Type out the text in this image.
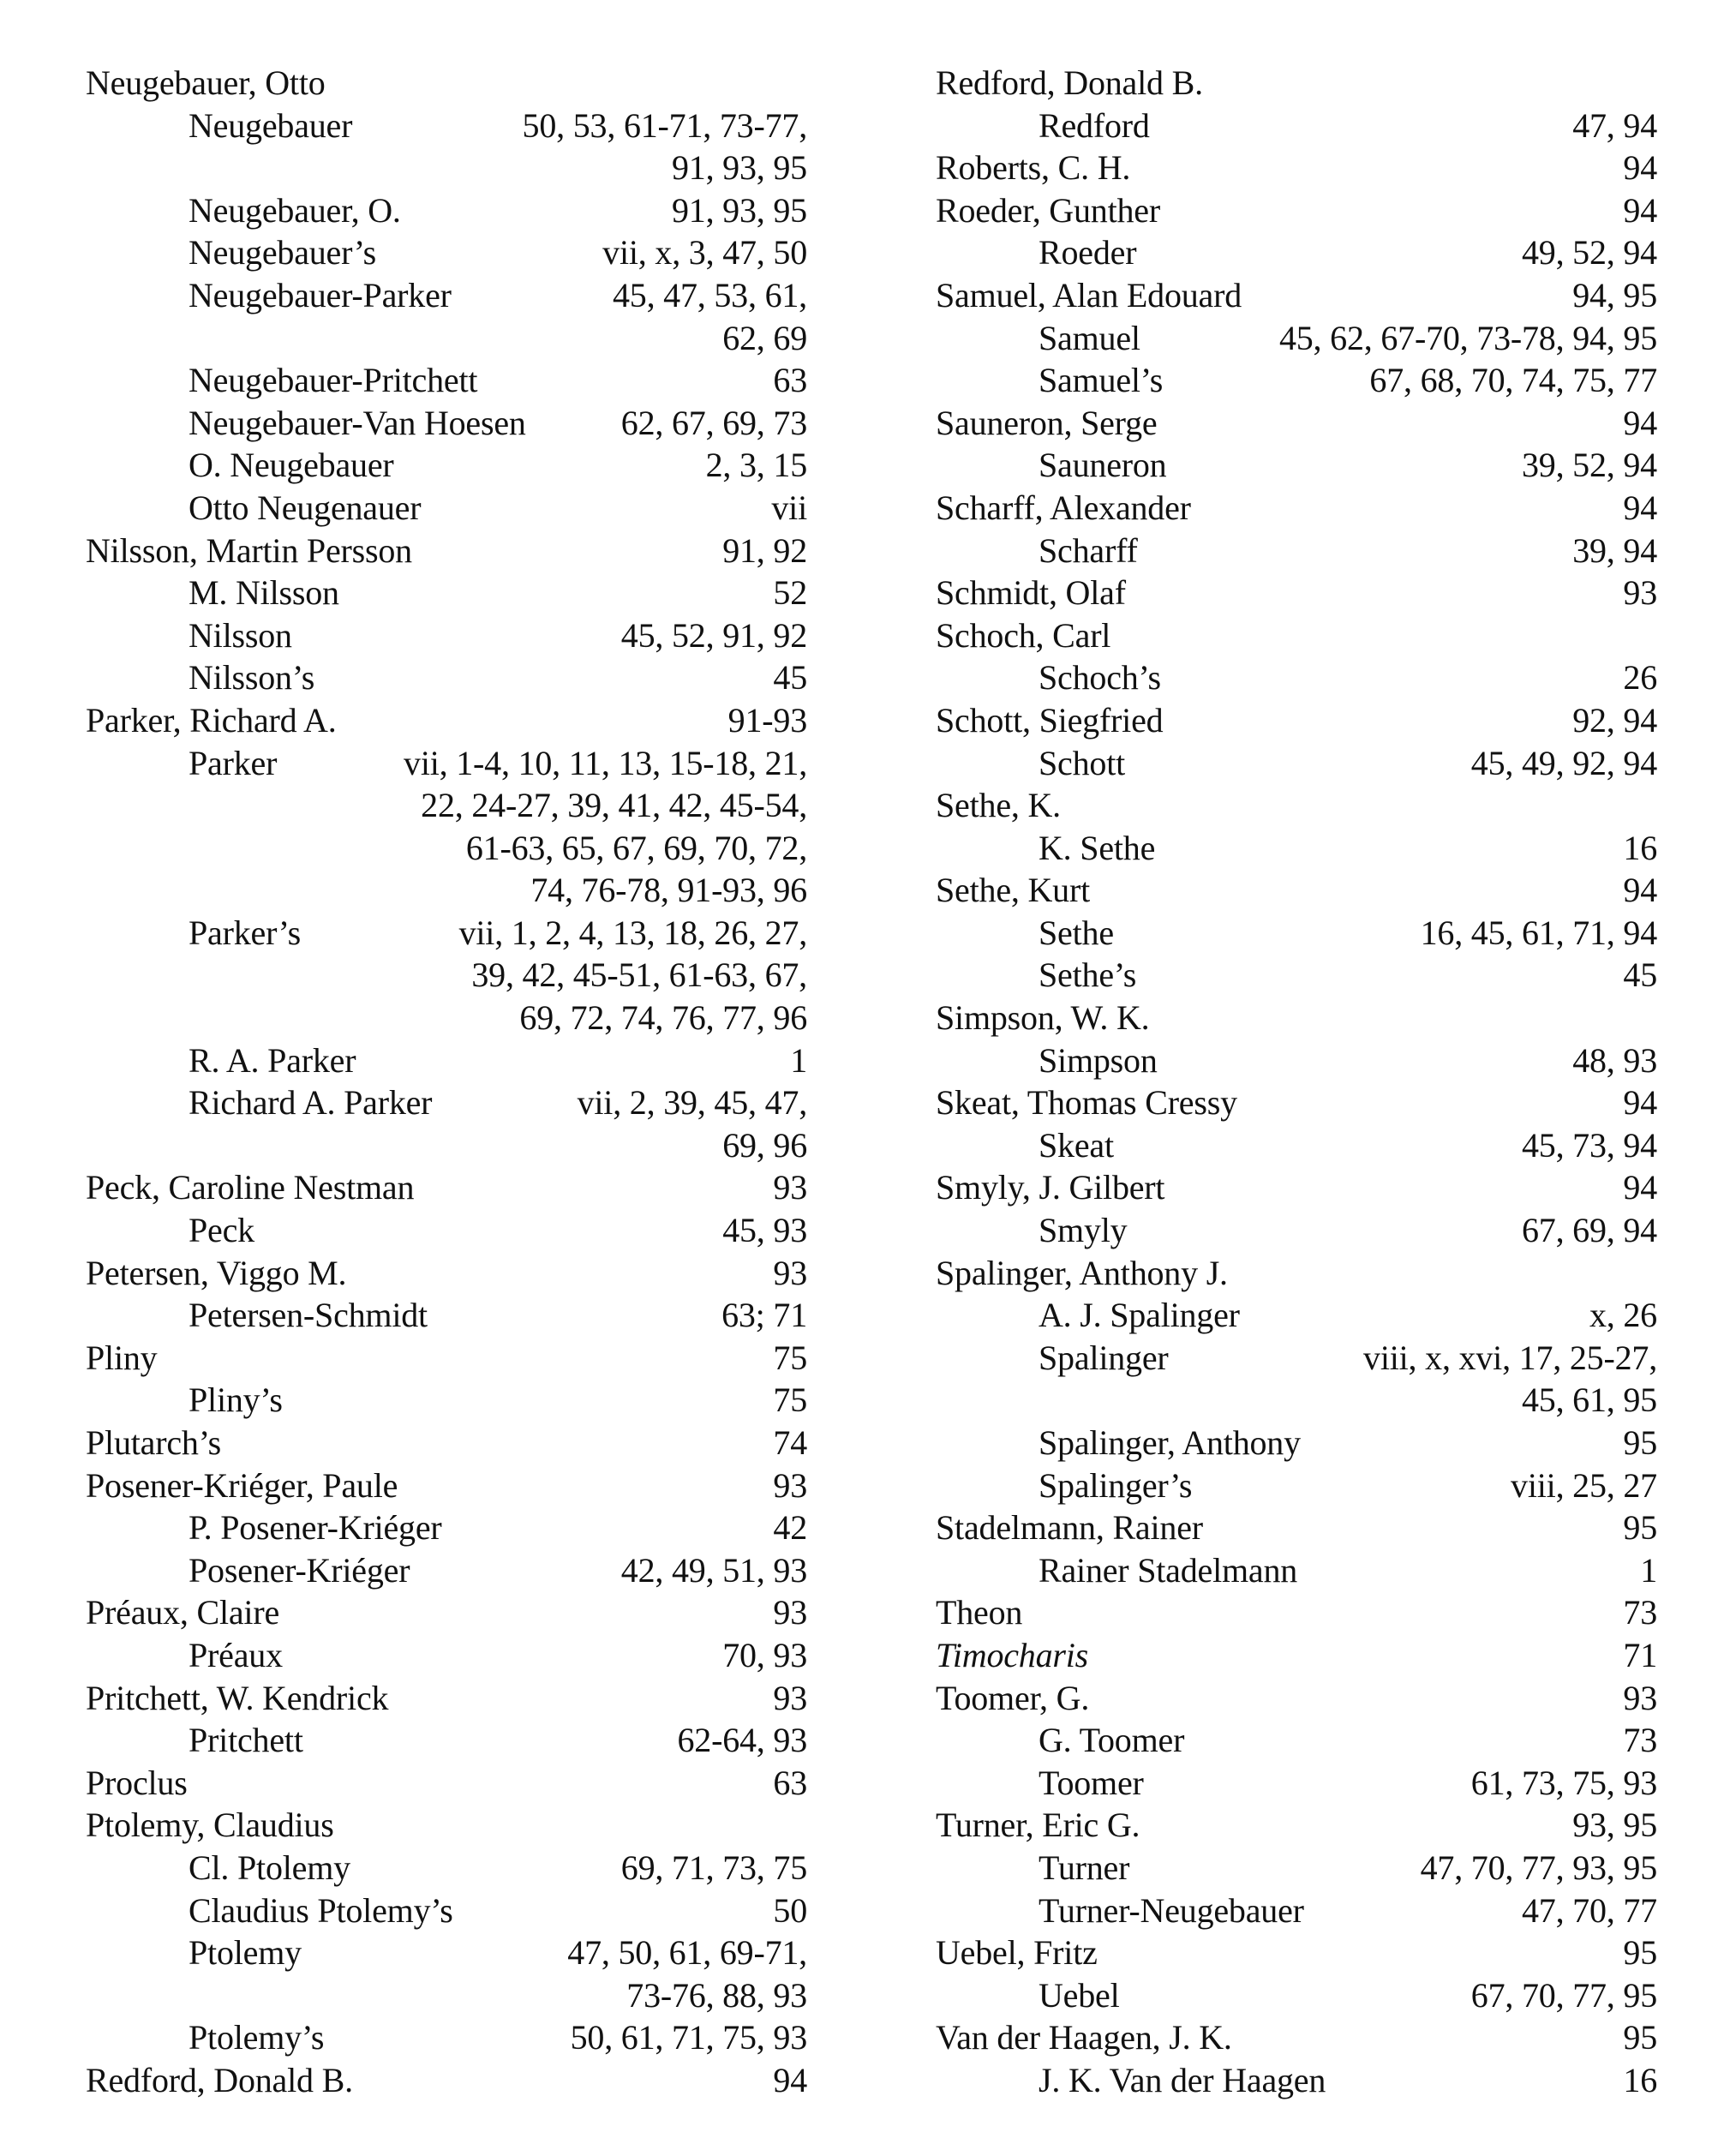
Neugebauer, Otto
Neugebauer	50, 53, 61-71, 73-77,
91, 93, 95
Neugebauer, O.	91, 93, 95
Neugebauer’s	vii, x, 3, 47, 50
Neugebauer-Parker	45, 47, 53, 61,
62, 69
Neugebauer-Pritchett	63
Neugebauer-Van Hoesen	62, 67, 69, 73
O. Neugebauer	2, 3, 15
Otto Neugenauer	vii
Nilsson, Martin Persson	91, 92
M. Nilsson	52
Nilsson	45, 52, 91, 92
Nilsson’s	45
Parker, Richard A.	91-93
Parker	vii, 1-4, 10, 11, 13, 15-18, 21,
22, 24-27, 39, 41, 42, 45-54,
61-63, 65, 67, 69, 70, 72,
74, 76-78, 91-93, 96
Parker’s	vii, 1, 2, 4, 13, 18, 26, 27,
39, 42, 45-51, 61-63, 67,
69, 72, 74, 76, 77, 96
R. A. Parker	1
Richard A. Parker	vii, 2, 39, 45, 47,
69, 96
Peck, Caroline Nestman	93
Peck	45, 93
Petersen, Viggo M.	93
Petersen-Schmidt	63; 71
Pliny	75
Pliny’s	75
Plutarch’s	74
Posener-Kriéger, Paule	93
P. Posener-Kriéger	42
Posener-Kriéger	42, 49, 51, 93
Préaux, Claire	93
Préaux	70, 93
Pritchett, W. Kendrick	93
Pritchett	62-64, 93
Proclus	63
Ptolemy, Claudius
Cl. Ptolemy	69, 71, 73, 75
Claudius Ptolemy’s	50
Ptolemy	47, 50, 61, 69-71,
73-76, 88, 93
Ptolemy’s	50, 61, 71, 75, 93
Redford, Donald B.	94
Redford, Donald B.
Redford	47, 94
Roberts, C. H.	94
Roeder, Gunther	94
Roeder	49, 52, 94
Samuel, Alan Edouard	94, 95
Samuel	45, 62, 67-70, 73-78, 94, 95
Samuel’s	67, 68, 70, 74, 75, 77
Sauneron, Serge	94
Sauneron	39, 52, 94
Scharff, Alexander	94
Scharff	39, 94
Schmidt, Olaf	93
Schoch, Carl
Schoch’s	26
Schott, Siegfried	92, 94
Schott	45, 49, 92, 94
Sethe, K.
K. Sethe	16
Sethe, Kurt	94
Sethe	16, 45, 61, 71, 94
Sethe’s	45
Simpson, W. K.
Simpson	48, 93
Skeat, Thomas Cressy	94
Skeat	45, 73, 94
Smyly, J. Gilbert	94
Smyly	67, 69, 94
Spalinger, Anthony J.
A. J. Spalinger	x, 26
Spalinger	viii, x, xvi, 17, 25-27,
45, 61, 95
Spalinger, Anthony	95
Spalinger’s	viii, 25, 27
Stadelmann, Rainer	95
Rainer Stadelmann	1
Theon	73
Timocharis	71
Toomer, G.	93
G. Toomer	73
Toomer	61, 73, 75, 93
Turner, Eric G.	93, 95
Turner	47, 70, 77, 93, 95
Turner-Neugebauer	47, 70, 77
Uebel, Fritz	95
Uebel	67, 70, 77, 95
Van der Haagen, J. K.	95
J. K. Van der Haagen	16
